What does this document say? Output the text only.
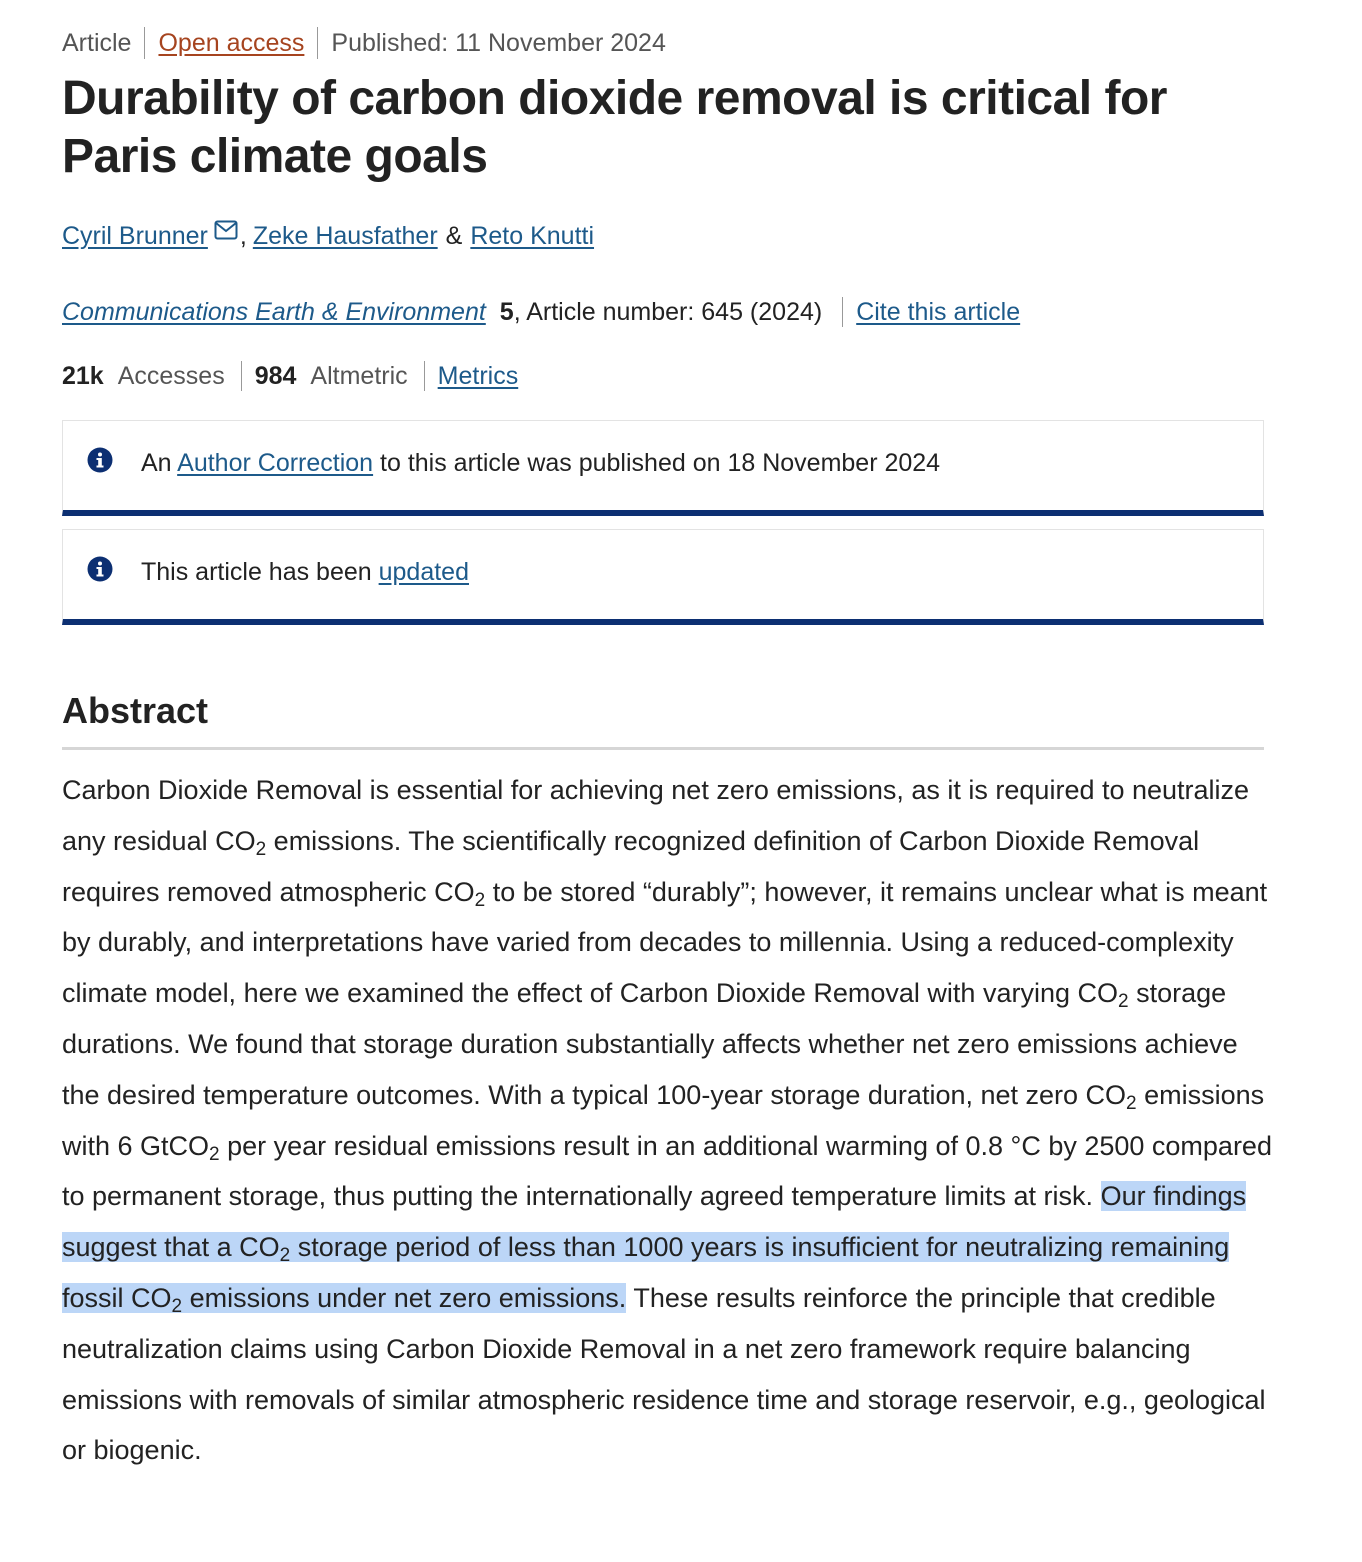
Article Open access Published: 11 November 2024
Durability of carbon dioxide removal is critical for Paris climate goals
Cyril Brunner , Zeke Hausfather & Reto Knutti
Communications Earth & Environment 5 , Article number: 645 (2024) Cite this article
21k Accesses 984 Altmetric Metrics
An Author Correction to this article was published on 18 November 2024
This article has been updated
Abstract

Carbon Dioxide Removal is essential for achieving net zero emissions, as it is required to neutralize any residual $CO_2$ emissions. The scientifically recognized definition of Carbon Dioxide Removal requires removed atmospheric $CO_2$ to be stored “durably”; however, it remains unclear what is meant by durably, and interpretations have varied from decades to millennia. Using a reduced-complexity climate model, here we examined the effect of Carbon Dioxide Removal with varying $CO_2$ storage durations. We found that storage duration substantially affects whether net zero emissions achieve the desired temperature outcomes. With a typical 100-year storage duration, net zero $CO_2$ emissions with 6 GtCO$_2$ per year residual emissions result in an additional warming of 0.8 °C by 2500 compared to permanent storage, thus putting the internationally agreed temperature limits at risk. Our findings suggest that a $CO_2$ storage period of less than 1000 years is insufficient for neutralizing remaining fossil $CO_2$ emissions under net zero emissions. These results reinforce the principle that credible neutralization claims using Carbon Dioxide Removal in a net zero framework require balancing emissions with removals of similar atmospheric residence time and storage reservoir, e.g., geological or biogenic.
